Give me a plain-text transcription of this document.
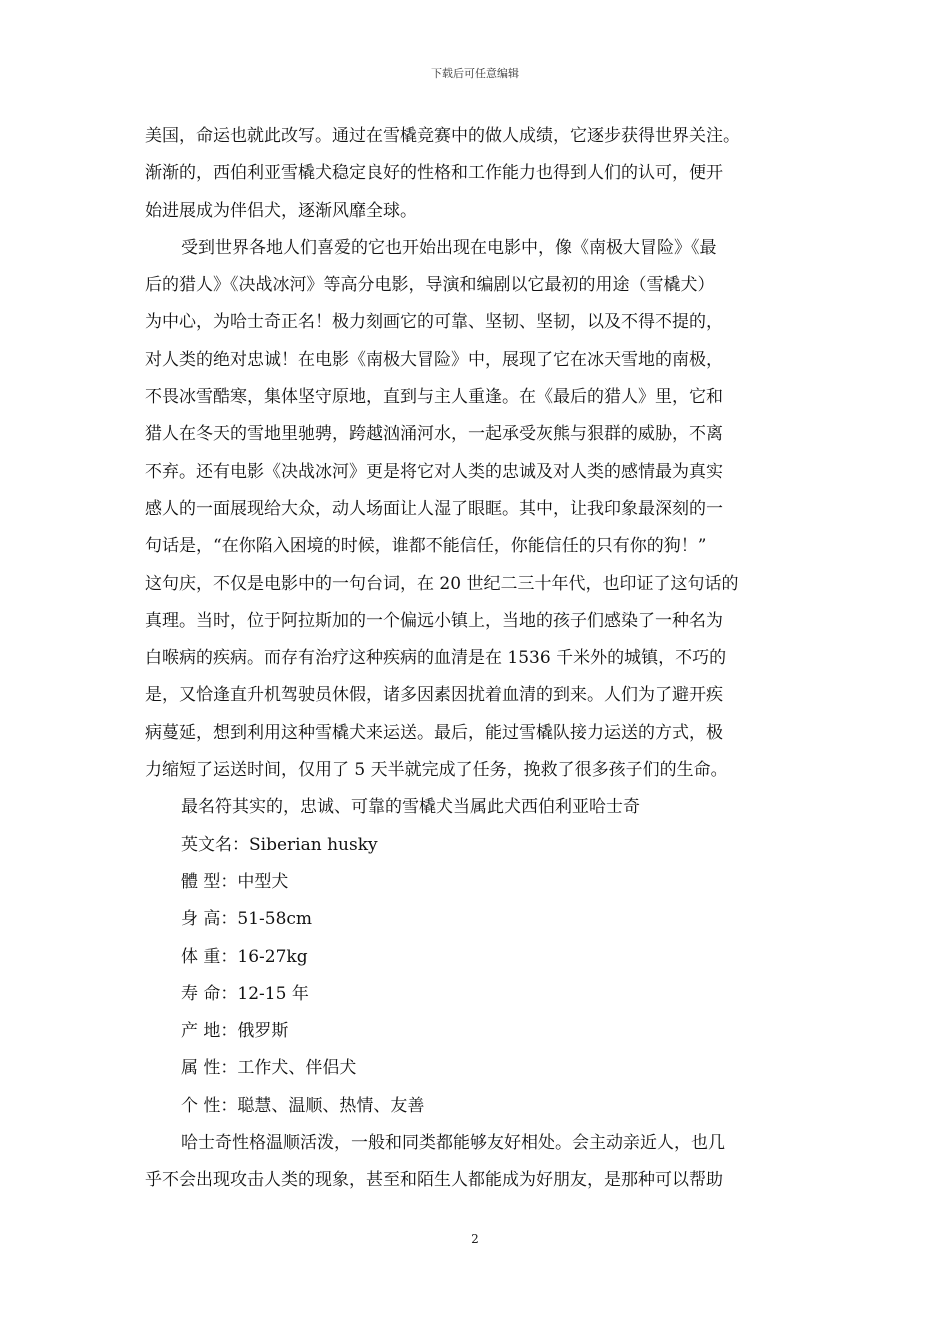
下载后可任意编辑

美国，命运也就此改写。通过在雪橇竞赛中的做人成绩，它逐步获得世界关注。

渐渐的，西伯利亚雪橇犬稳定良好的性格和工作能力也得到人们的认可，便开

始进展成为伴侣犬，逐渐风靡全球。

受到世界各地人们喜爱的它也开始出现在电影中，像《南极大冒险》《最

后的猎人》《决战冰河》等高分电影，导演和编剧以它最初的用途（雪橇犬）

为中心，为哈士奇正名！极力刻画它的可靠、坚韧、坚韧，以及不得不提的，

对人类的绝对忠诚！在电影《南极大冒险》中，展现了它在冰天雪地的南极，

不畏冰雪酷寒，集体坚守原地，直到与主人重逢。在《最后的猎人》里，它和

猎人在冬天的雪地里驰骋，跨越汹涌河水，一起承受灰熊与狠群的威胁，不离

不弃。还有电影《决战冰河》更是将它对人类的忠诚及对人类的感情最为真实

感人的一面展现给大众，动人场面让人湿了眼眶。其中，让我印象最深刻的一

句话是，“在你陷入困境的时候，谁都不能信任，你能信任的只有你的狗！”

这句庆，不仅是电影中的一句台词，在 20 世纪二三十年代，也印证了这句话的

真理。当时，位于阿拉斯加的一个偏远小镇上，当地的孩子们感染了一种名为

白喉病的疾病。而存有治疗这种疾病的血清是在 1536 千米外的城镇，不巧的

是，又恰逢直升机驾驶员休假，诸多因素因扰着血清的到来。人们为了避开疾

病蔓延，想到利用这种雪橇犬来运送。最后，能过雪橇队接力运送的方式，极

力缩短了运送时间，仅用了 5 天半就完成了任务，挽救了很多孩子们的生命。

最名符其实的，忠诚、可靠的雪橇犬当属此犬西伯利亚哈士奇

英文名：Siberian husky

體 型：中型犬

身 高：51-58cm

体 重：16-27kg

寿 命：12-15 年

产 地：俄罗斯

属 性：工作犬、伴侣犬

个 性：聪慧、温顺、热情、友善

哈士奇性格温顺活泼，一般和同类都能够友好相处。会主动亲近人，也几

乎不会出现攻击人类的现象，甚至和陌生人都能成为好朋友，是那种可以帮助

2
